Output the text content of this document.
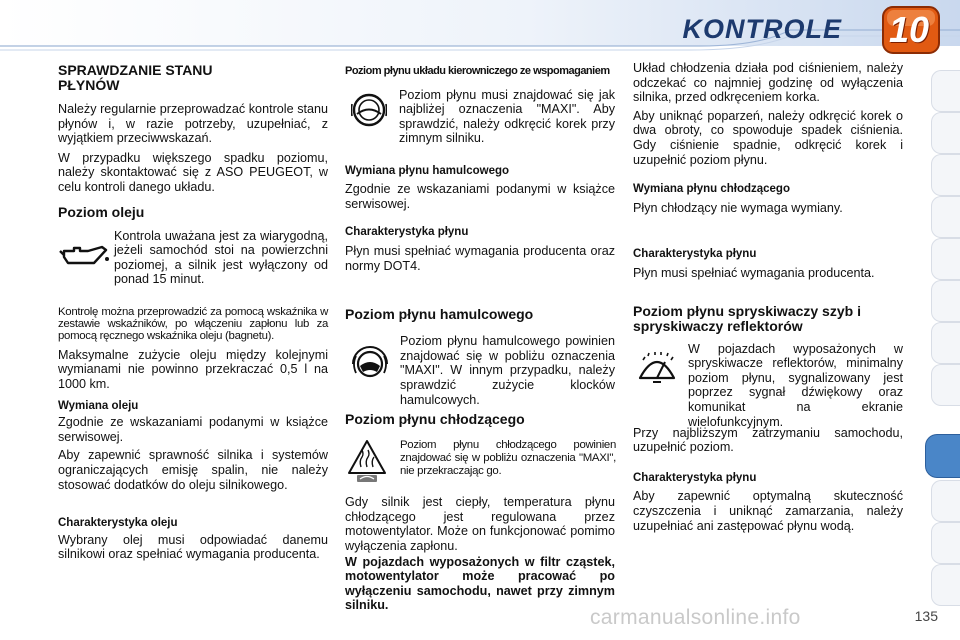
KONTROLE 10
SPRAWDZANIE STANU PŁYNÓW

Należy regularnie przeprowadzać kontrole stanu płynów i, w razie potrzeby, uzupełniać, z wyjątkiem przeciwwskazań.

W przypadku większego spadku poziomu, należy skontaktować się z ASO PEUGEOT, w celu kontroli danego układu.

Poziom oleju

Kontrola uważana jest za wiarygodną, jeżeli samochód stoi na powierzchni poziomej, a silnik jest wyłączony od ponad 15 minut.

Kontrolę można przeprowadzić za pomocą wskaźnika w zestawie wskaźników, po włączeniu zapłonu lub za pomocą ręcznego wskaźnika oleju (bagnetu).

Maksymalne zużycie oleju między kolejnymi wymianami nie powinno przekraczać 0,5 l na 1000 km.

Wymiana oleju

Zgodnie ze wskazaniami podanymi w książce serwisowej.

Aby zapewnić sprawność silnika i systemów ograniczających emisję spalin, nie należy stosować dodatków do oleju silnikowego.

Charakterystyka oleju

Wybrany olej musi odpowiadać danemu silnikowi oraz spełniać wymagania producenta.

Poziom płynu układu kierowniczego ze wspomaganiem

Poziom płynu musi znajdować się jak najbliżej oznaczenia "MAXI". Aby sprawdzić, należy odkręcić korek przy zimnym silniku.

Wymiana płynu hamulcowego

Zgodnie ze wskazaniami podanymi w książce serwisowej.

Charakterystyka płynu

Płyn musi spełniać wymagania producenta oraz normy DOT4.

Poziom płynu hamulcowego

Poziom płynu hamulcowego powinien znajdować się w pobliżu oznaczenia "MAXI". W innym przypadku, należy sprawdzić zużycie klocków hamulcowych.

Poziom płynu chłodzącego

Poziom płynu chłodzącego powinien znajdować się w pobliżu oznaczenia "MAXI", nie przekraczając go.

Gdy silnik jest ciepły, temperatura płynu chłodzącego jest regulowana przez motowentylator. Może on funkcjonować pomimo wyłączenia zapłonu.

W pojazdach wyposażonych w filtr cząstek, motowentylator może pracować po wyłączeniu samochodu, nawet przy zimnym silniku.

Układ chłodzenia działa pod ciśnieniem, należy odczekać co najmniej godzinę od wyłączenia silnika, przed odkręceniem korka.

Aby uniknąć poparzeń, należy odkręcić korek o dwa obroty, co spowoduje spadek ciśnienia. Gdy ciśnienie spadnie, odkręcić korek i uzupełnić poziom płynu.

Wymiana płynu chłodzącego

Płyn chłodzący nie wymaga wymiany.

Charakterystyka płynu

Płyn musi spełniać wymagania producenta.

Poziom płynu spryskiwaczy szyb i spryskiwaczy reflektorów

W pojazdach wyposażonych w spryskiwacze reflektorów, minimalny poziom płynu, sygnalizowany jest poprzez sygnał dźwiękowy oraz komunikat na ekranie wielofunkcyjnym.

Przy najbliższym zatrzymaniu samochodu, uzupełnić poziom.

Charakterystyka płynu

Aby zapewnić optymalną skuteczność czyszczenia i uniknąć zamarzania, należy uzupełniać ani zastępować płynu wodą.

carmanualsonline.info	135
